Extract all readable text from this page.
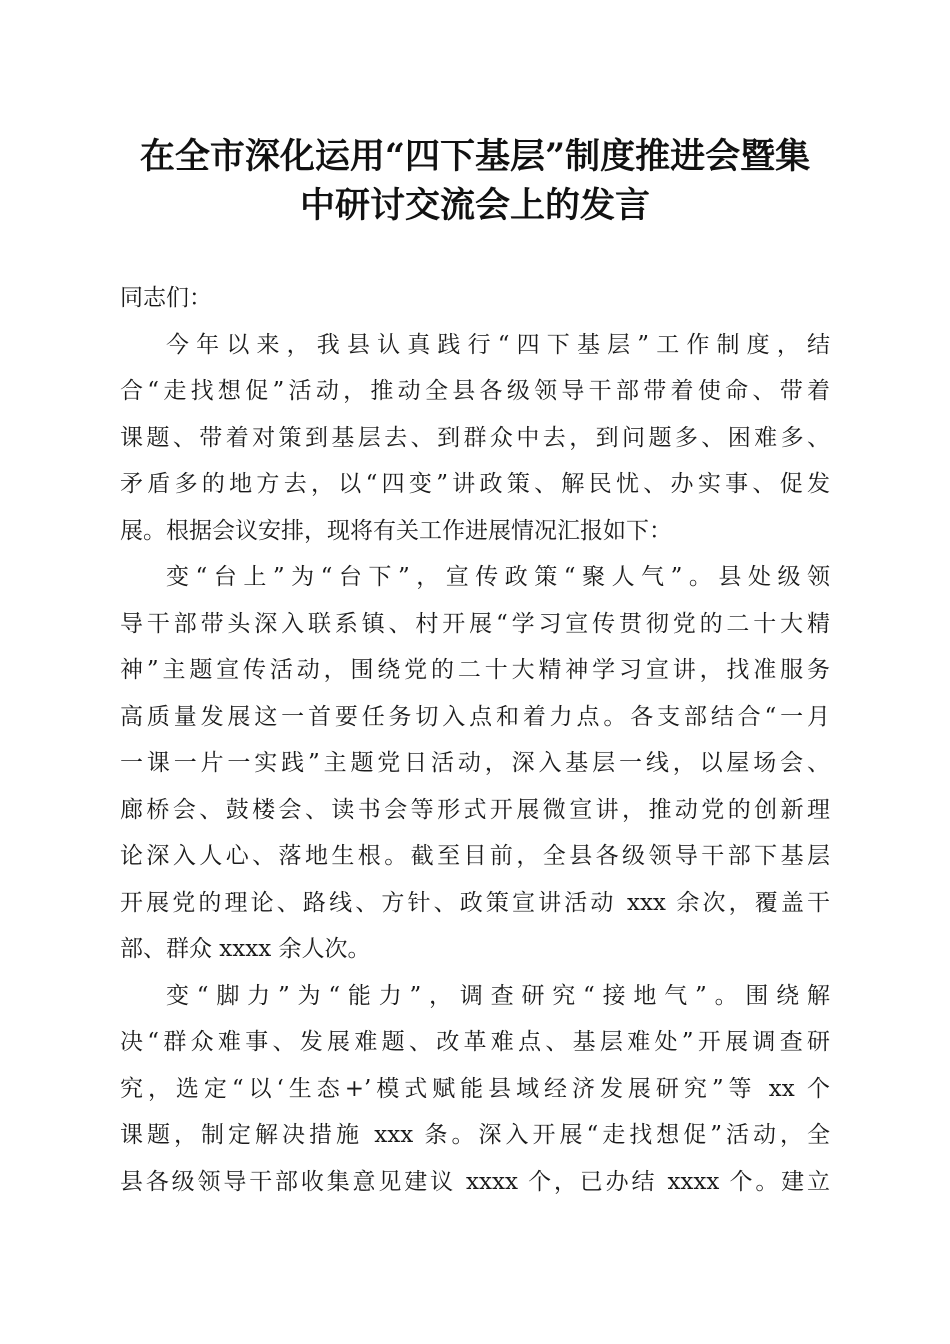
在全市深化运用“四下基层”制度推进会暨集
中研讨交流会上的发言

同志们：

今年以来，我县认真践行“四下基层”工作制度，结
合“走找想促”活动，推动全县各级领导干部带着使命、带着
课题、带着对策到基层去、到群众中去，到问题多、困难多、
矛盾多的地方去，以“四变”讲政策、解民忧、办实事、促发
展。根据会议安排，现将有关工作进展情况汇报如下：

变“台上”为“台下”，宣传政策“聚人气”。县处级领
导干部带头深入联系镇、村开展“学习宣传贯彻党的二十大精
神”主题宣传活动，围绕党的二十大精神学习宣讲，找准服务
高质量发展这一首要任务切入点和着力点。各支部结合“一月
一课一片一实践”主题党日活动，深入基层一线，以屋场会、
廊桥会、鼓楼会、读书会等形式开展微宣讲，推动党的创新理
论深入人心、落地生根。截至目前，全县各级领导干部下基层
开展党的理论、路线、方针、政策宣讲活动 xxx 余次，覆盖干
部、群众 xxxx 余人次。

变“脚力”为“能力”，调查研究“接地气”。围绕解
决“群众难事、发展难题、改革难点、基层难处”开展调查研
究，选定“以‘生态+’模式赋能县域经济发展研究”等 xx 个
课题，制定解决措施 xxx 条。深入开展“走找想促”活动，全
县各级领导干部收集意见建议 xxxx 个，已办结 xxxx 个。建立
